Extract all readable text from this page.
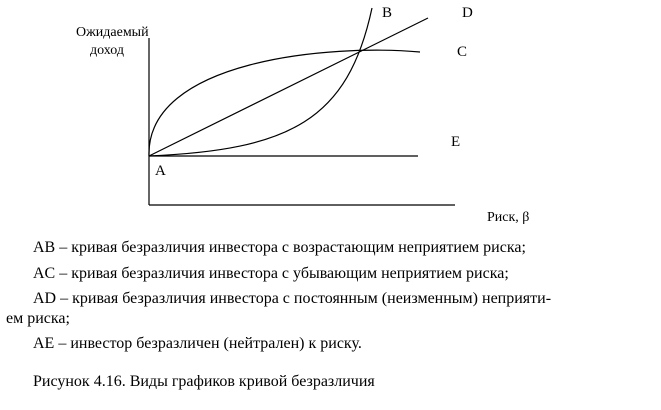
Ожидаемый
доход
Риск, β
A
B
C
D
E
AB – кривая безразличия инвестора с возрастающим неприятием риска;
AC – кривая безразличия инвестора с убывающим неприятием риска;
AD – кривая безразличия инвестора с постоянным (неизменным) неприяти-
ем риска;
AE – инвестор безразличен (нейтрален) к риску.
Рисунок 4.16. Виды графиков кривой безразличия
